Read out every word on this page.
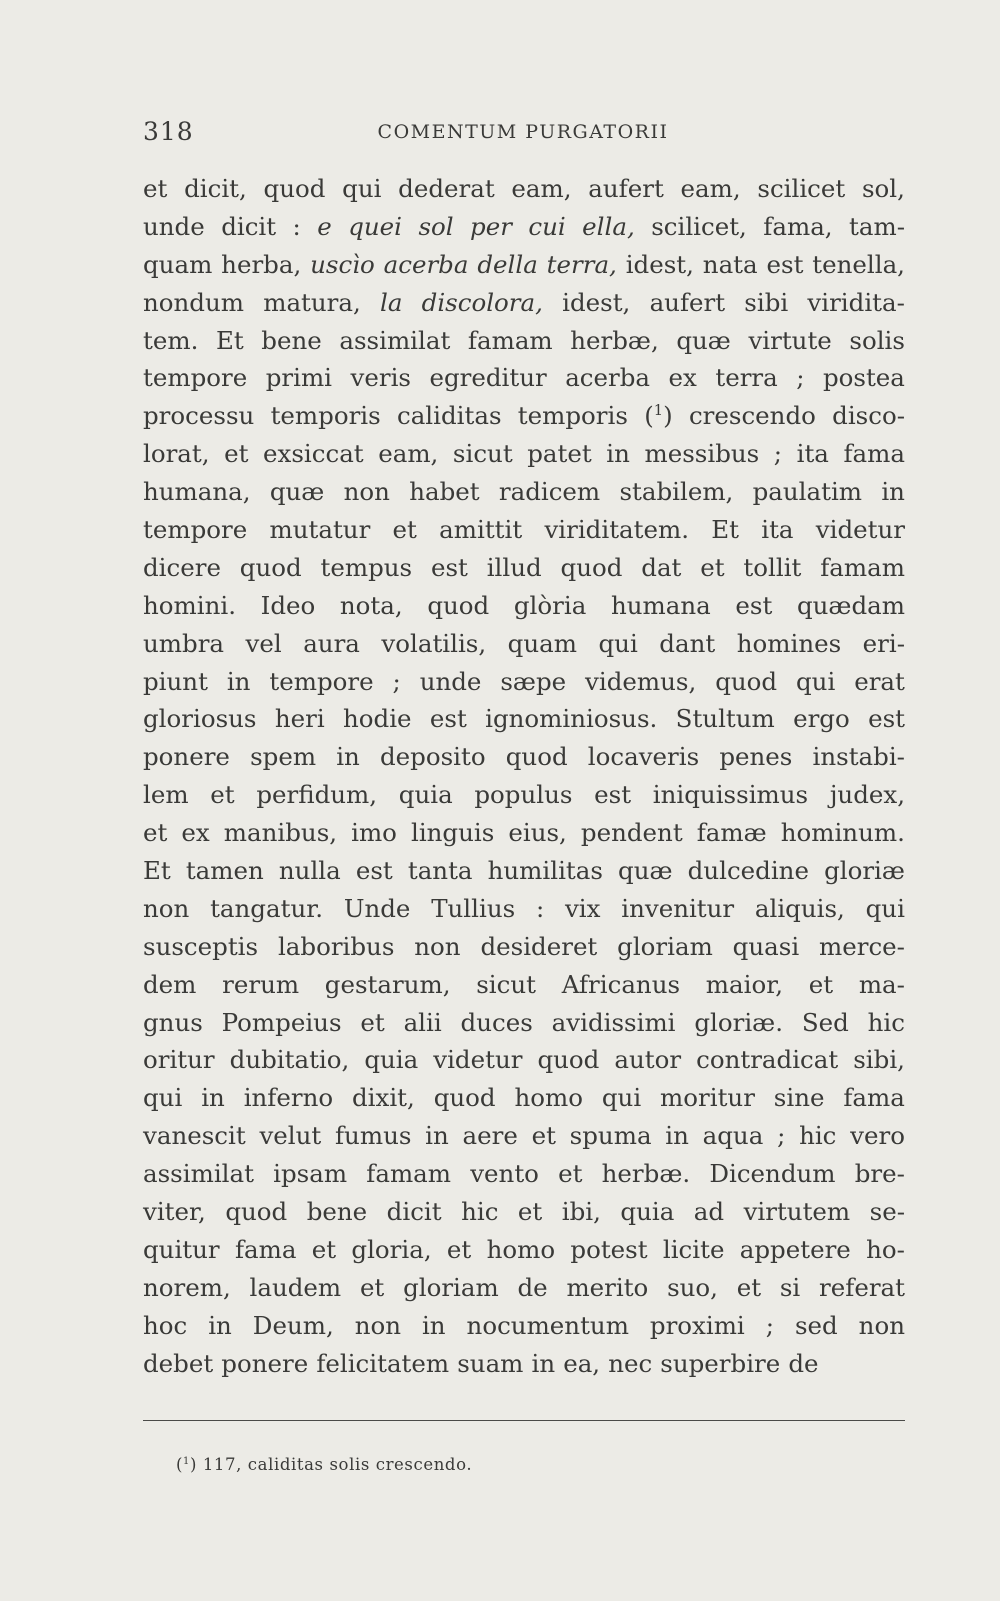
318	COMENTUM PURGATORII
et dicit, quod qui dederat eam, aufert eam, scilicet sol,
unde dicit : e quei sol per cui ella, scilicet, fama, tam-
quam herba, uscìo acerba della terra, idest, nata est tenella,
nondum matura, la discolora, idest, aufert sibi viridita-
tem. Et bene assimilat famam herbæ, quæ virtute solis
tempore primi veris egreditur acerba ex terra ; postea
processu temporis caliditas temporis ($^1$) crescendo disco-
lorat, et exsiccat eam, sicut patet in messibus ; ita fama
humana, quæ non habet radicem stabilem, paulatim in
tempore mutatur et amittit viriditatem. Et ita videtur
dicere quod tempus est illud quod dat et tollit famam
homini. Ideo nota, quod glòria humana est quædam
umbra vel aura volatilis, quam qui dant homines eri-
piunt in tempore ; unde sæpe videmus, quod qui erat
gloriosus heri hodie est ignominiosus. Stultum ergo est
ponere spem in deposito quod locaveris penes instabi-
lem et perfidum, quia populus est iniquissimus judex,
et ex manibus, imo linguis eius, pendent famæ hominum.
Et tamen nulla est tanta humilitas quæ dulcedine gloriæ
non tangatur. Unde Tullius : vix invenitur aliquis, qui
susceptis laboribus non desideret gloriam quasi merce-
dem rerum gestarum, sicut Africanus maior, et ma-
gnus Pompeius et alii duces avidissimi gloriæ. Sed hic
oritur dubitatio, quia videtur quod autor contradicat sibi,
qui in inferno dixit, quod homo qui moritur sine fama
vanescit velut fumus in aere et spuma in aqua ; hic vero
assimilat ipsam famam vento et herbæ. Dicendum bre-
viter, quod bene dicit hic et ibi, quia ad virtutem se-
quitur fama et gloria, et homo potest licite appetere ho-
norem, laudem et gloriam de merito suo, et si referat
hoc in Deum, non in nocumentum proximi ; sed non
debet ponere felicitatem suam in ea, nec superbire de
($^1$) 117, caliditas solis crescendo.
